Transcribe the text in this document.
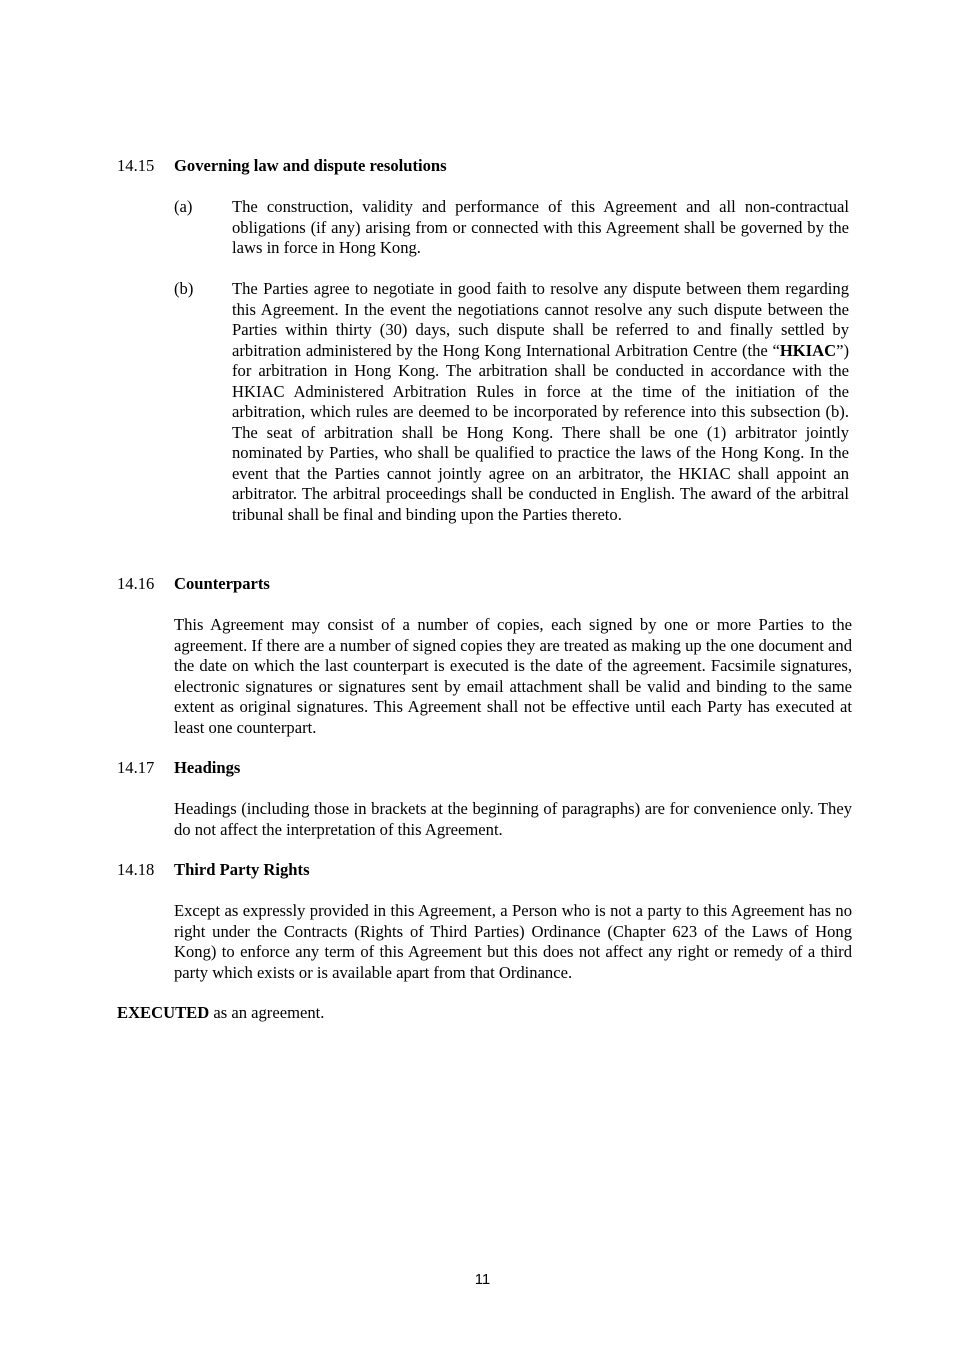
14.15 Governing law and dispute resolutions
(a) The construction, validity and performance of this Agreement and all non-contractual obligations (if any) arising from or connected with this Agreement shall be governed by the laws in force in Hong Kong.
(b) The Parties agree to negotiate in good faith to resolve any dispute between them regarding this Agreement. In the event the negotiations cannot resolve any such dispute between the Parties within thirty (30) days, such dispute shall be referred to and finally settled by arbitration administered by the Hong Kong International Arbitration Centre (the “HKIAC”) for arbitration in Hong Kong. The arbitration shall be conducted in accordance with the HKIAC Administered Arbitration Rules in force at the time of the initiation of the arbitration, which rules are deemed to be incorporated by reference into this subsection (b). The seat of arbitration shall be Hong Kong. There shall be one (1) arbitrator jointly nominated by Parties, who shall be qualified to practice the laws of the Hong Kong. In the event that the Parties cannot jointly agree on an arbitrator, the HKIAC shall appoint an arbitrator. The arbitral proceedings shall be conducted in English. The award of the arbitral tribunal shall be final and binding upon the Parties thereto.
14.16 Counterparts
This Agreement may consist of a number of copies, each signed by one or more Parties to the agreement. If there are a number of signed copies they are treated as making up the one document and the date on which the last counterpart is executed is the date of the agreement. Facsimile signatures, electronic signatures or signatures sent by email attachment shall be valid and binding to the same extent as original signatures. This Agreement shall not be effective until each Party has executed at least one counterpart.
14.17 Headings
Headings (including those in brackets at the beginning of paragraphs) are for convenience only. They do not affect the interpretation of this Agreement.
14.18 Third Party Rights
Except as expressly provided in this Agreement, a Person who is not a party to this Agreement has no right under the Contracts (Rights of Third Parties) Ordinance (Chapter 623 of the Laws of Hong Kong) to enforce any term of this Agreement but this does not affect any right or remedy of a third party which exists or is available apart from that Ordinance.
EXECUTED as an agreement.
11
